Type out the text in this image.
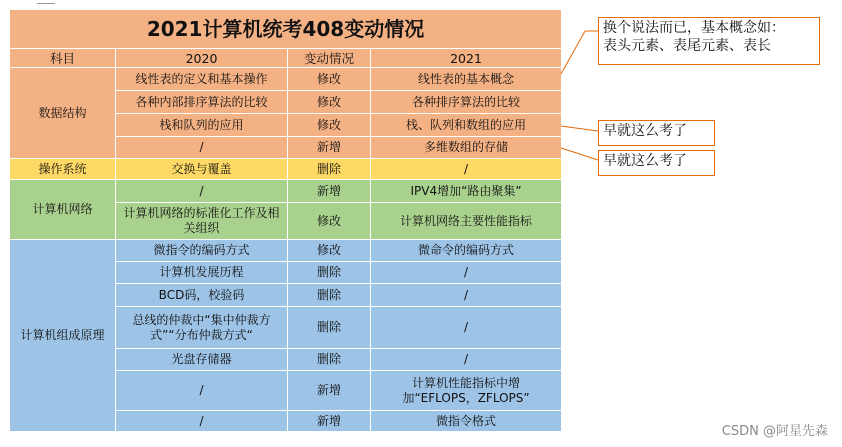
2021计算机统考408变动情况			
科目	2020	变动情况	2021
数据结构	线性表的定义和基本操作	修改	线性表的基本概念
	各种内部排序算法的比较	修改	各种排序算法的比较
	栈和队列的应用	修改	栈、队列和数组的应用
	/	新增	多维数组的存储
操作系统	交换与覆盖	删除	/
计算机网络	/	新增	IPV4增加“路由聚集”
	计算机网络的标准化工作及相关组织	修改	计算机网络主要性能指标
计算机组成原理	微指令的编码方式	修改	微命令的编码方式
	计算机发展历程	删除	/
	BCD码，校验码	删除	/
	总线的仲裁中“集中仲裁方式”“分布仲裁方式“	删除	/
	光盘存储器	删除	/
	/	新增	计算机性能指标中增加“EFLOPS，ZFLOPS”
	/	新增	微指令格式
换个说法而已，基本概念如：
表头元素、表尾元素、表长
早就这么考了
早就这么考了
CSDN @阿星先森
